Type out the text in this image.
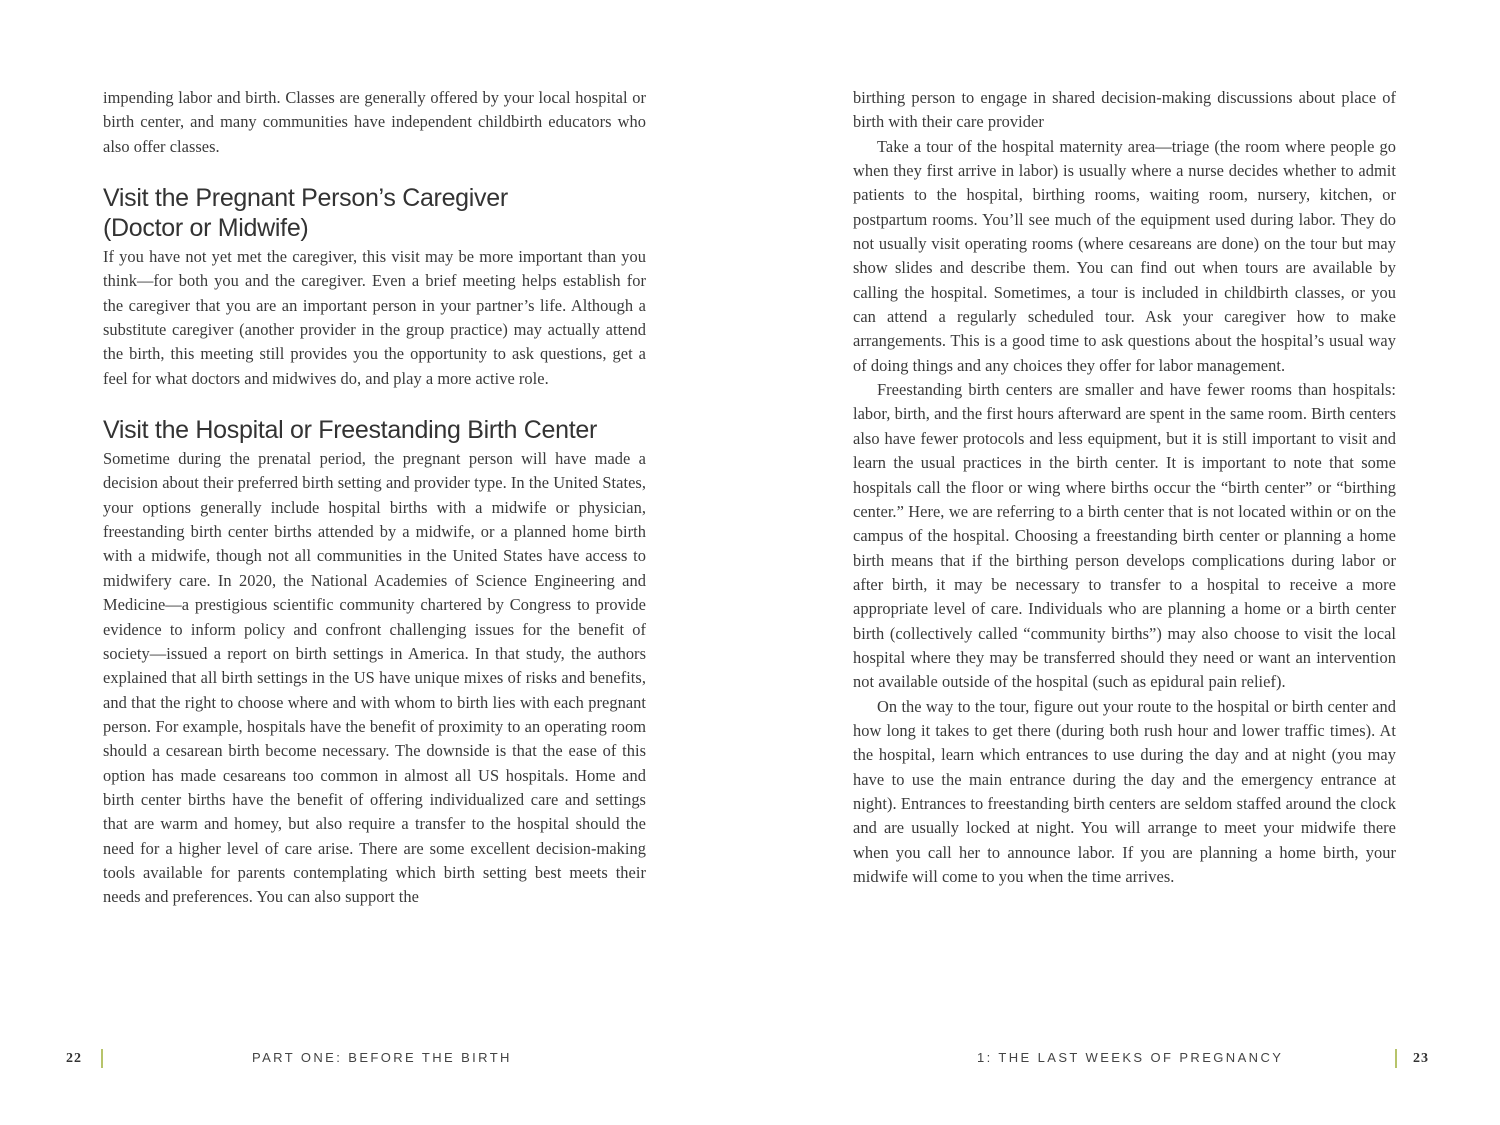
impending labor and birth. Classes are generally offered by your local hospital or birth center, and many communities have independent childbirth educators who also offer classes.

Visit the Pregnant Person’s Caregiver
(Doctor or Midwife)

If you have not yet met the caregiver, this visit may be more important than you think—for both you and the caregiver. Even a brief meeting helps establish for the caregiver that you are an important person in your partner’s life. Although a substitute caregiver (another provider in the group practice) may actually attend the birth, this meeting still provides you the opportunity to ask questions, get a feel for what doctors and midwives do, and play a more active role.

Visit the Hospital or Freestanding Birth Center

Sometime during the prenatal period, the pregnant person will have made a decision about their preferred birth setting and provider type. In the United States, your options generally include hospital births with a midwife or physician, freestanding birth center births attended by a midwife, or a planned home birth with a midwife, though not all communities in the United States have access to midwifery care. In 2020, the National Academies of Science Engineering and Medicine—a prestigious scientific community chartered by Congress to provide evidence to inform policy and confront challenging issues for the benefit of society—issued a report on birth settings in America. In that study, the authors explained that all birth settings in the US have unique mixes of risks and benefits, and that the right to choose where and with whom to birth lies with each pregnant person. For example, hospitals have the benefit of proximity to an operating room should a cesarean birth become necessary. The downside is that the ease of this option has made cesareans too common in almost all US hospitals. Home and birth center births have the benefit of offering individualized care and settings that are warm and homey, but also require a transfer to the hospital should the need for a higher level of care arise. There are some excellent decision-making tools available for parents contemplating which birth setting best meets their needs and preferences. You can also support the

birthing person to engage in shared decision-making discussions about place of birth with their care provider

Take a tour of the hospital maternity area—triage (the room where people go when they first arrive in labor) is usually where a nurse decides whether to admit patients to the hospital, birthing rooms, waiting room, nursery, kitchen, or postpartum rooms. You’ll see much of the equipment used during labor. They do not usually visit operating rooms (where cesareans are done) on the tour but may show slides and describe them. You can find out when tours are available by calling the hospital. Sometimes, a tour is included in childbirth classes, or you can attend a regularly scheduled tour. Ask your caregiver how to make arrangements. This is a good time to ask questions about the hospital’s usual way of doing things and any choices they offer for labor management.

Freestanding birth centers are smaller and have fewer rooms than hospitals: labor, birth, and the first hours afterward are spent in the same room. Birth centers also have fewer protocols and less equipment, but it is still important to visit and learn the usual practices in the birth center. It is important to note that some hospitals call the floor or wing where births occur the “birth center” or “birthing center.” Here, we are referring to a birth center that is not located within or on the campus of the hospital. Choosing a freestanding birth center or planning a home birth means that if the birthing person develops complications during labor or after birth, it may be necessary to transfer to a hospital to receive a more appropriate level of care. Individuals who are planning a home or a birth center birth (collectively called “community births”) may also choose to visit the local hospital where they may be transferred should they need or want an intervention not available outside of the hospital (such as epidural pain relief).

On the way to the tour, figure out your route to the hospital or birth center and how long it takes to get there (during both rush hour and lower traffic times). At the hospital, learn which entrances to use during the day and at night (you may have to use the main entrance during the day and the emergency entrance at night). Entrances to freestanding birth centers are seldom staffed around the clock and are usually locked at night. You will arrange to meet your midwife there when you call her to announce labor. If you are planning a home birth, your midwife will come to you when the time arrives.

22	PART ONE: BEFORE THE BIRTH	1: THE LAST WEEKS OF PREGNANCY	23
